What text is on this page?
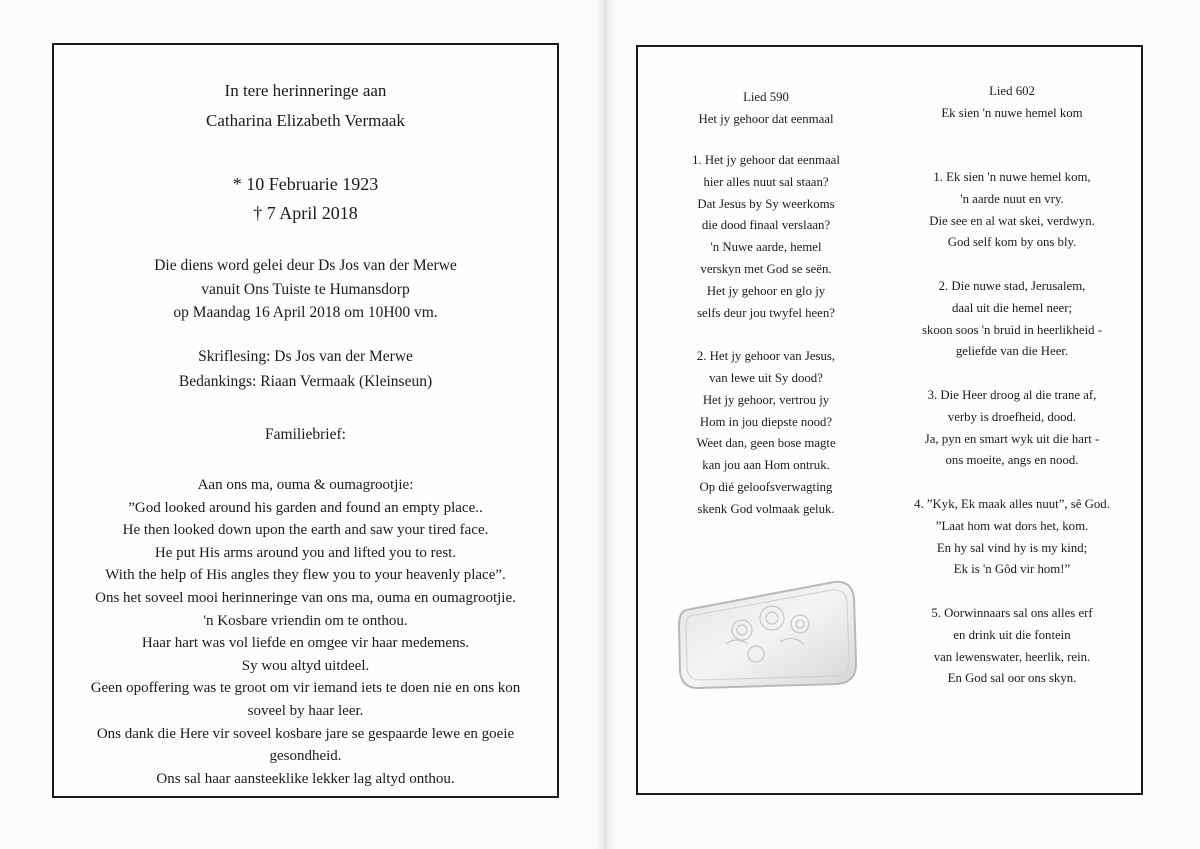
In tere herinneringe aan
Catharina Elizabeth Vermaak
* 10 Februarie 1923
† 7 April 2018
Die diens word gelei deur Ds Jos van der Merwe
vanuit Ons Tuiste te Humansdorp
op Maandag 16 April 2018 om 10H00 vm.
Skriflesing: Ds Jos van der Merwe
Bedankings: Riaan Vermaak (Kleinseun)
Familiebrief:
Aan ons ma, ouma & oumagrootjie:
”God looked around his garden and found an empty place..
He then looked down upon the earth and saw your tired face.
He put His arms around you and lifted you to rest.
With the help of His angles they flew you to your heavenly place”.
Ons het soveel mooi herinneringe van ons ma, ouma en oumagrootjie.
'n Kosbare vriendin om te onthou.
Haar hart was vol liefde en omgee vir haar medemens.
Sy wou altyd uitdeel.
Geen opoffering was te groot om vir iemand iets te doen nie en ons kon
soveel by haar leer.
Ons dank die Here vir soveel kosbare jare se gespaarde lewe en goeie
gesondheid.
Ons sal haar aansteeklike lekker lag altyd onthou.
Lied 590
Het jy gehoor dat eenmaal
1. Het jy gehoor dat eenmaal
hier alles nuut sal staan?
Dat Jesus by Sy weerkoms
die dood finaal verslaan?
'n Nuwe aarde, hemel
verskyn met God se seën.
Het jy gehoor en glo jy
selfs deur jou twyfel heen?
2. Het jy gehoor van Jesus,
van lewe uit Sy dood?
Het jy gehoor, vertrou jy
Hom in jou diepste nood?
Weet dan, geen bose magte
kan jou aan Hom ontruk.
Op dié geloofsverwagting
skenk God volmaak geluk.
Lied 602
Ek sien 'n nuwe hemel kom
1. Ek sien 'n nuwe hemel kom,
'n aarde nuut en vry.
Die see en al wat skei, verdwyn.
God self kom by ons bly.
2. Die nuwe stad, Jerusalem,
daal uit die hemel neer;
skoon soos 'n bruid in heerlikheid -
geliefde van die Heer.
3. Die Heer droog al die trane af,
verby is droefheid, dood.
Ja, pyn en smart wyk uit die hart -
ons moeite, angs en nood.
4. ”Kyk, Ek maak alles nuut”, sê God.
”Laat hom wat dors het, kom.
En hy sal vind hy is my kind;
Ek is 'n Gôd vir hom!”
5. Oorwinnaars sal ons alles erf
en drink uit die fontein
van lewenswater, heerlik, rein.
En God sal oor ons skyn.
